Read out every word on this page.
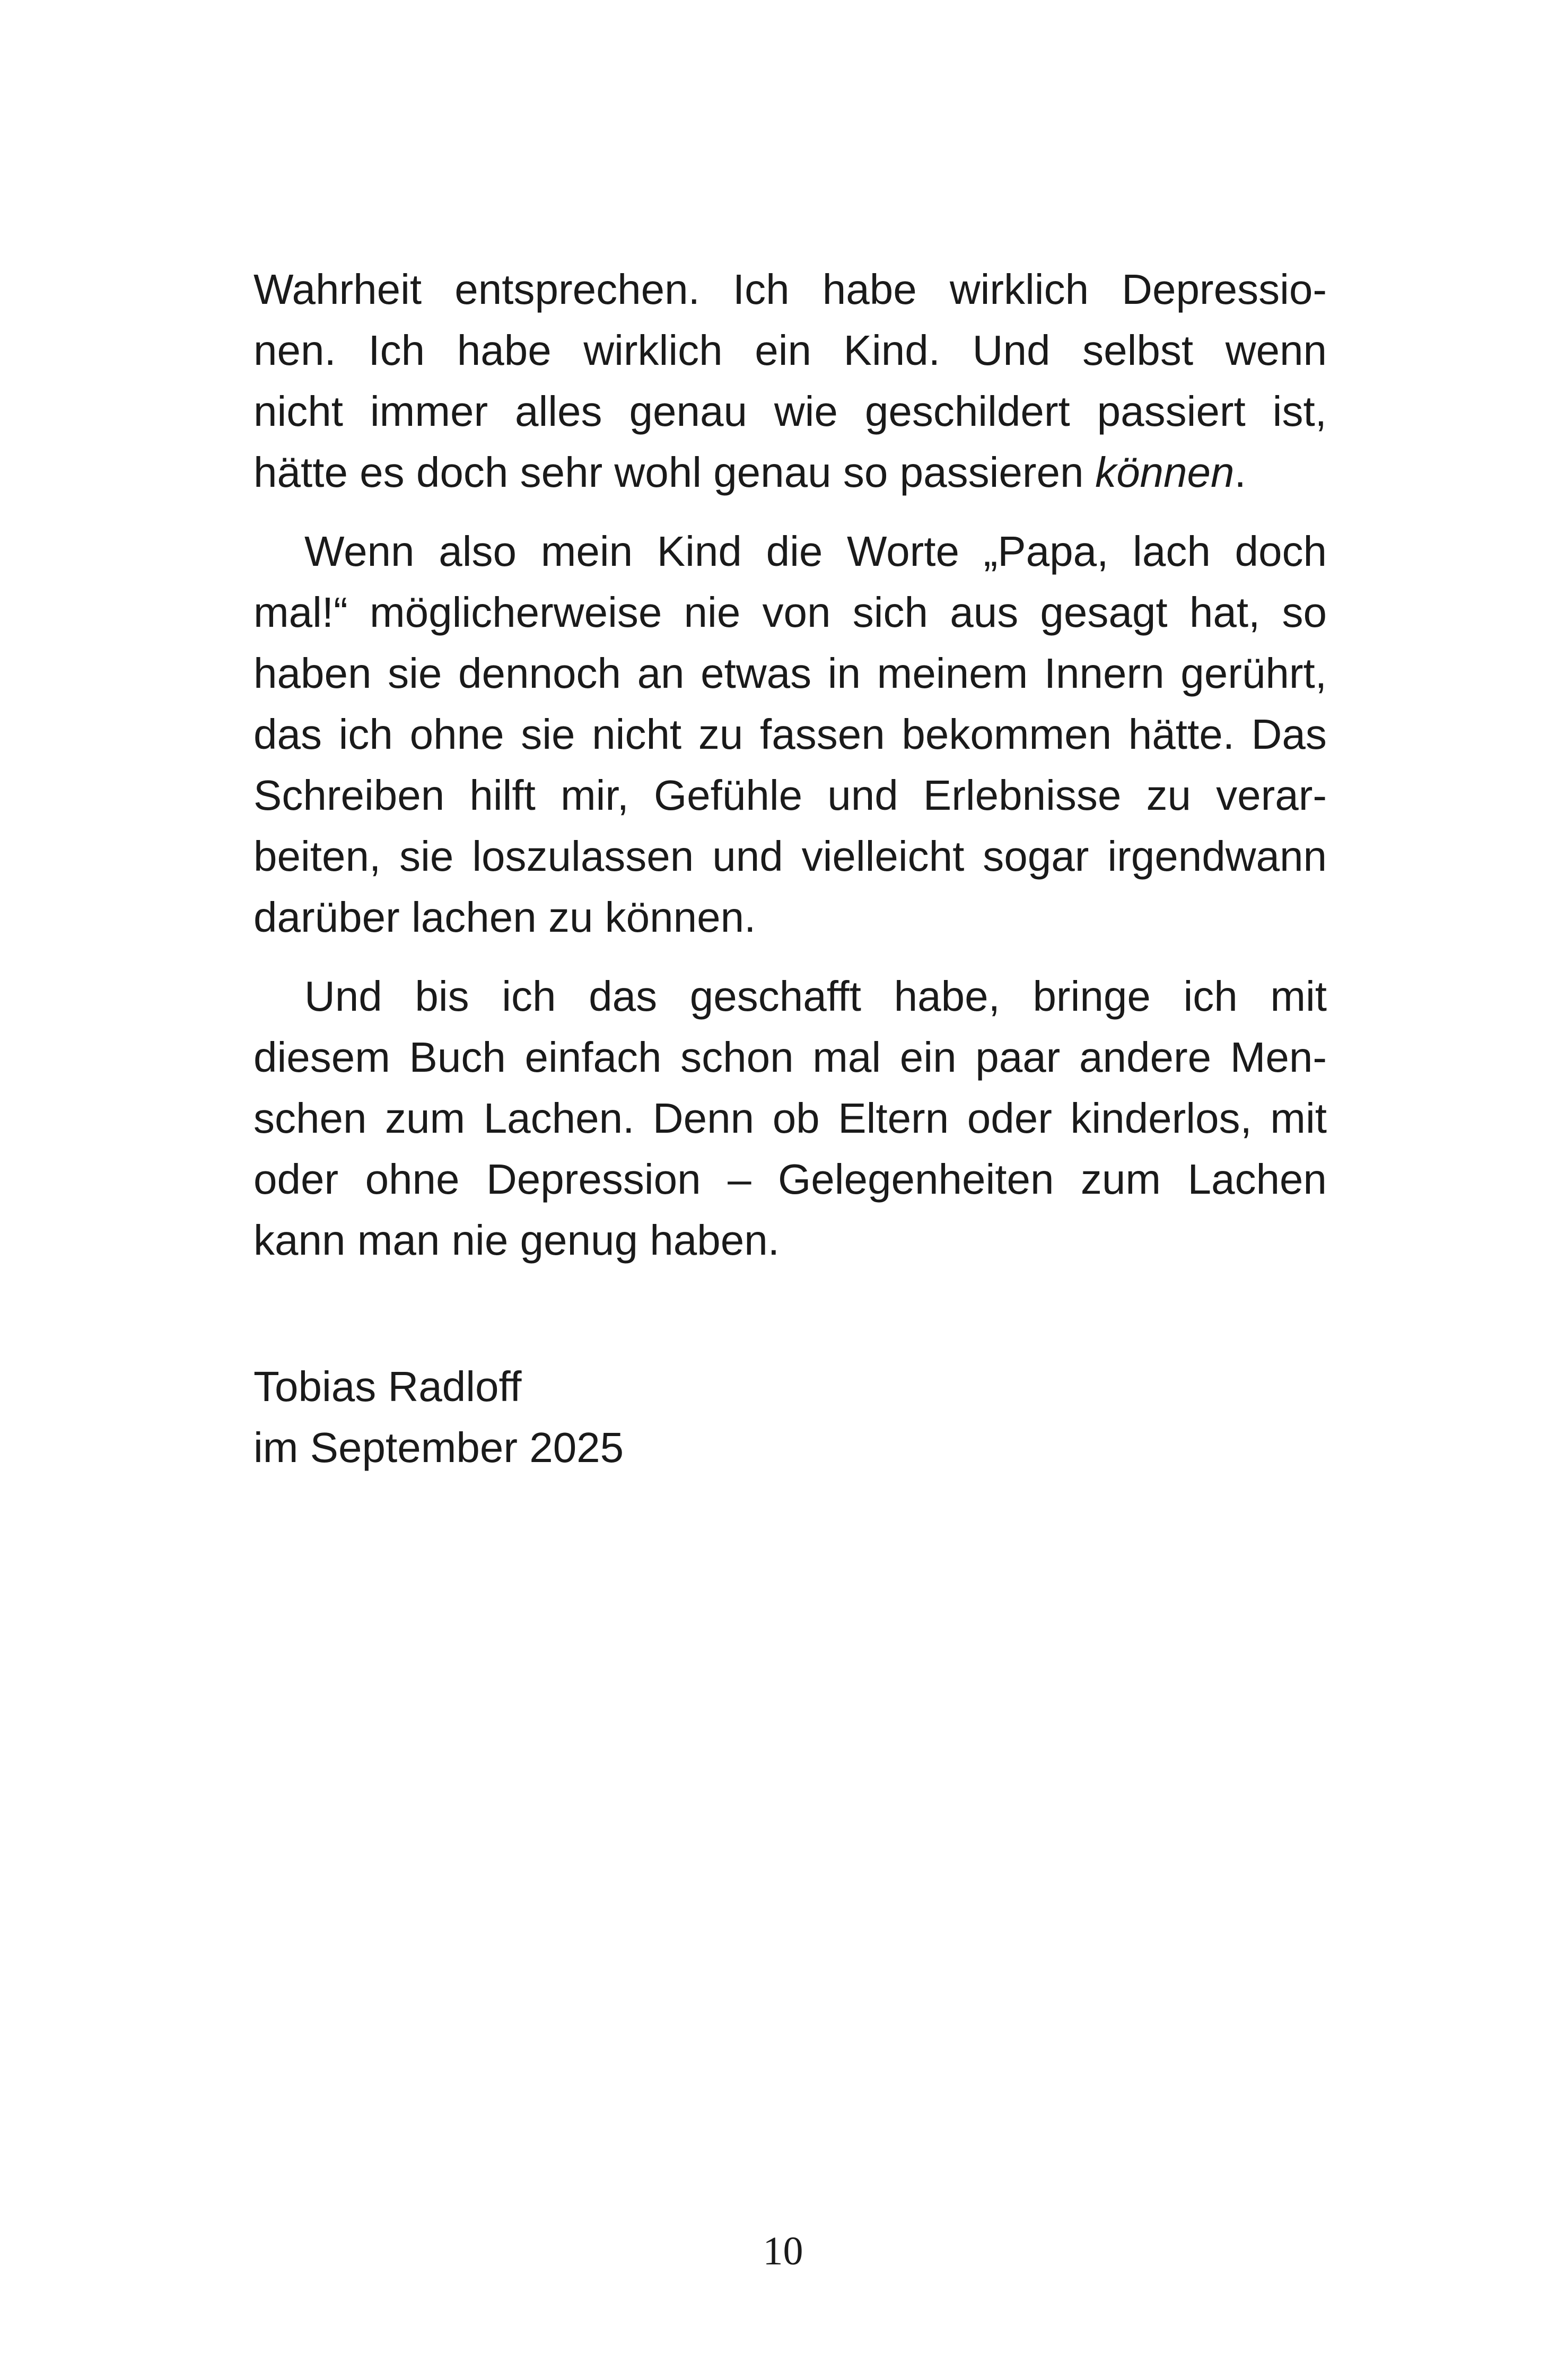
Wahrheit entsprechen. Ich habe wirklich Depressio-
nen. Ich habe wirklich ein Kind. Und selbst wenn
nicht immer alles genau wie geschildert passiert ist,
hätte es doch sehr wohl genau so passieren können .
Wenn also mein Kind die Worte „Papa, lach doch
mal!“ möglicherweise nie von sich aus gesagt hat, so
haben sie dennoch an etwas in meinem Innern gerührt,
das ich ohne sie nicht zu fassen bekommen hätte. Das
Schreiben hilft mir, Gefühle und Erlebnisse zu verar-
beiten, sie loszulassen und vielleicht sogar irgendwann
darüber lachen zu können.
Und bis ich das geschafft habe, bringe ich mit
diesem Buch einfach schon mal ein paar andere Men-
schen zum Lachen. Denn ob Eltern oder kinderlos, mit
oder ohne Depression – Gelegenheiten zum Lachen
kann man nie genug haben.
Tobias Radloff
im September 2025
10
